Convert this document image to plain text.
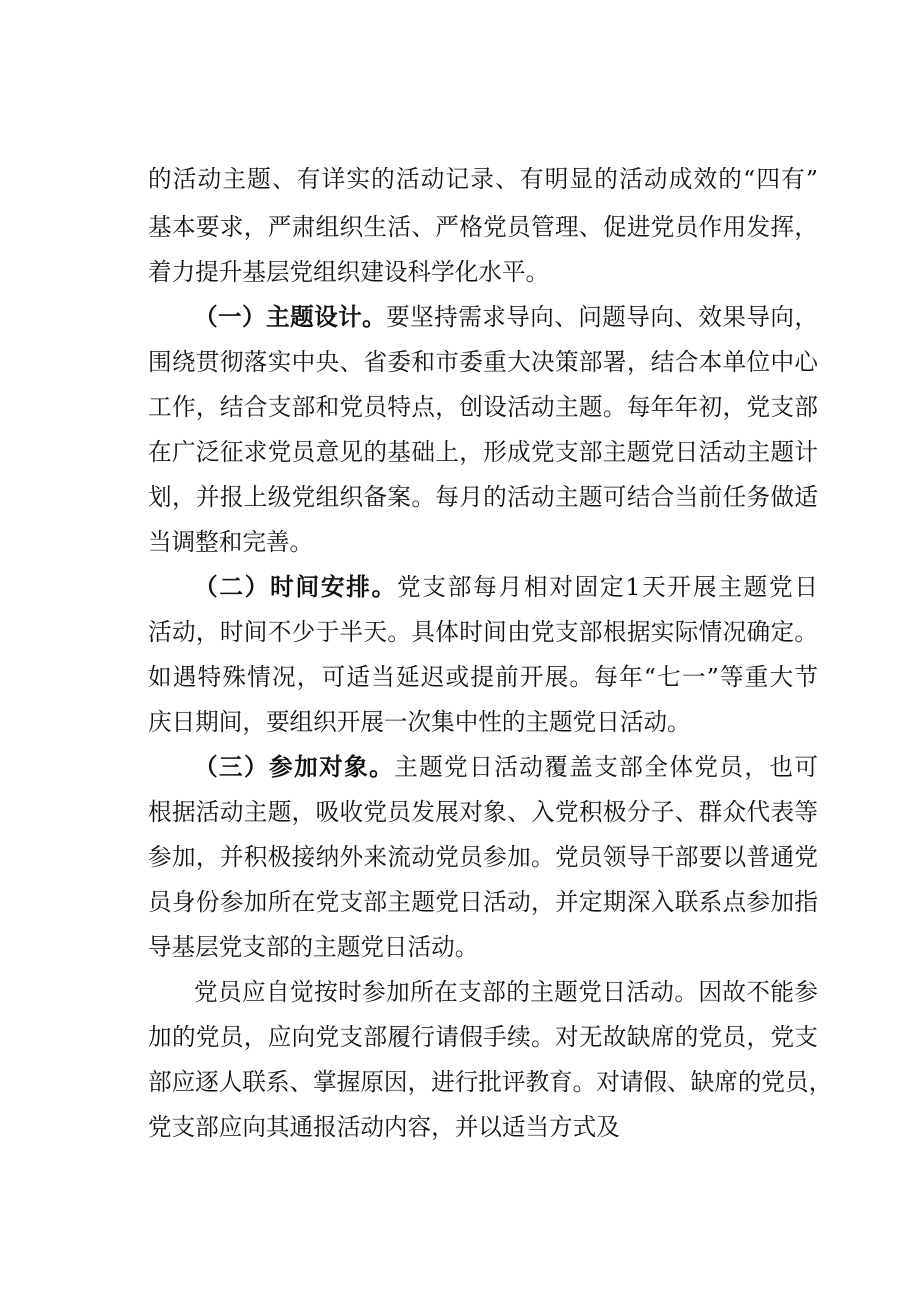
的活动主题、有详实的活动记录、有明显的活动成效的“四有”
基本要求，严肃组织生活、严格党员管理、促进党员作用发挥，
着力提升基层党组织建设科学化水平。
（一）主题设计。要坚持需求导向、问题导向、效果导向，
围绕贯彻落实中央、省委和市委重大决策部署，结合本单位中心
工作，结合支部和党员特点，创设活动主题。每年年初，党支部
在广泛征求党员意见的基础上，形成党支部主题党日活动主题计
划，并报上级党组织备案。每月的活动主题可结合当前任务做适
当调整和完善。
（二）时间安排。党支部每月相对固定1天开展主题党日
活动，时间不少于半天。具体时间由党支部根据实际情况确定。
如遇特殊情况，可适当延迟或提前开展。每年“七一”等重大节
庆日期间，要组织开展一次集中性的主题党日活动。
（三）参加对象。主题党日活动覆盖支部全体党员，也可
根据活动主题，吸收党员发展对象、入党积极分子、群众代表等
参加，并积极接纳外来流动党员参加。党员领导干部要以普通党
员身份参加所在党支部主题党日活动，并定期深入联系点参加指
导基层党支部的主题党日活动。
党员应自觉按时参加所在支部的主题党日活动。因故不能参
加的党员，应向党支部履行请假手续。对无故缺席的党员，党支
部应逐人联系、掌握原因，进行批评教育。对请假、缺席的党员，
党支部应向其通报活动内容，并以适当方式及
